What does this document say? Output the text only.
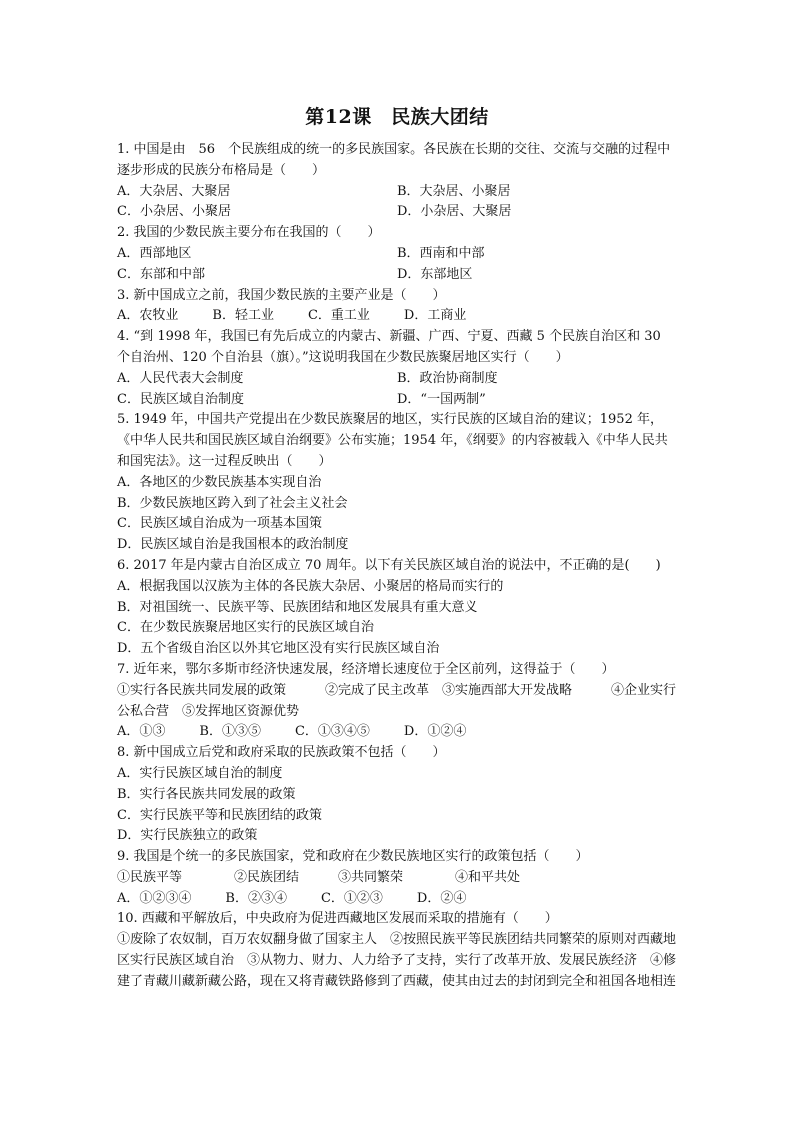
第12课　民族大团结
1. 中国是由　56　个民族组成的统一的多民族国家。各民族在长期的交往、交流与交融的过程中逐步形成的民族分布格局是（　　）
A．大杂居、大聚居	B．大杂居、小聚居
C．小杂居、小聚居	D．小杂居、大聚居
2. 我国的少数民族主要分布在我国的（　　）
A．西部地区	B．西南和中部
C．东部和中部	D．东部地区
3. 新中国成立之前，我国少数民族的主要产业是（　　）
A．农牧业	B．轻工业	C．重工业	D．工商业
4. “到 1998 年，我国已有先后成立的内蒙古、新疆、广西、宁夏、西藏 5 个民族自治区和 30 个自治州、120 个自治县（旗）。”这说明我国在少数民族聚居地区实行（　　）
A．人民代表大会制度	B．政治协商制度
C．民族区域自治制度	D．“一国两制”
5. 1949 年，中国共产党提出在少数民族聚居的地区，实行民族的区域自治的建议；1952 年，《中华人民共和国民族区域自治纲要》公布实施；1954 年，《纲要》的内容被载入《中华人民共和国宪法》。这一过程反映出（　　）
A．各地区的少数民族基本实现自治
B．少数民族地区跨入到了社会主义社会
C．民族区域自治成为一项基本国策
D．民族区域自治是我国根本的政治制度
6. 2017 年是内蒙古自治区成立 70 周年。以下有关民族区域自治的说法中，不正确的是(　　)
A．根据我国以汉族为主体的各民族大杂居、小聚居的格局而实行的
B．对祖国统一、民族平等、民族团结和地区发展具有重大意义
C．在少数民族聚居地区实行的民族区域自治
D．五个省级自治区以外其它地区没有实行民族区域自治
7. 近年来，鄂尔多斯市经济快速发展，经济增长速度位于全区前列，这得益于（　　）
①实行各民族共同发展的政策　　　②完成了民主改革　③实施西部大开发战略　　　④企业实行公私合营　⑤发挥地区资源优势
A．①③	B．①③⑤	C．①③④⑤	D．①②④
8. 新中国成立后党和政府采取的民族政策不包括（　　）
A．实行民族区域自治的制度
B．实行各民族共同发展的政策
C．实行民族平等和民族团结的政策
D．实行民族独立的政策
9. 我国是个统一的多民族国家，党和政府在少数民族地区实行的政策包括（　　）
①民族平等　　　　②民族团结　　　③共同繁荣　　　　④和平共处
A．①②③④	B．②③④	C．①②③	D．②④
10. 西藏和平解放后，中央政府为促进西藏地区发展而采取的措施有（　　）
①废除了农奴制，百万农奴翻身做了国家主人　②按照民族平等民族团结共同繁荣的原则对西藏地区实行民族区域自治　③从物力、财力、人力给予了支持，实行了改革开放、发展民族经济　④修建了青藏川藏新藏公路，现在又将青藏铁路修到了西藏，使其由过去的封闭到完全和祖国各地相连
